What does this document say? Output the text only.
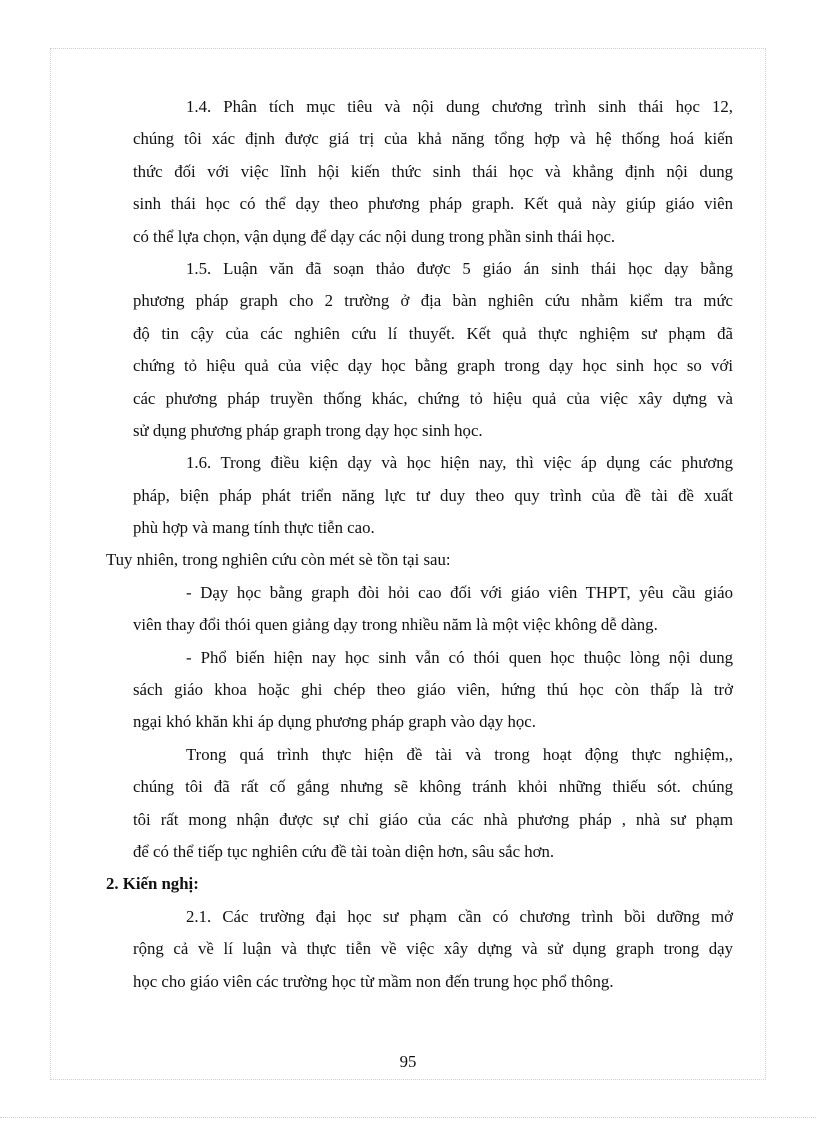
1.4. Phân tích mục tiêu và nội dung chương trình sinh thái học 12,
chúng tôi xác định được giá trị của khả năng tổng hợp và hệ thống hoá kiến
thức đối với việc lĩnh hội kiến thức sinh thái học và khẳng định nội dung
sinh thái học có thể dạy theo phương pháp graph. Kết quả này giúp giáo viên
có thể lựa chọn, vận dụng để dạy các nội dung trong phần sinh thái học.
1.5. Luận văn đã soạn thảo được 5 giáo án sinh thái học dạy bằng
phương pháp graph cho 2 trường ở địa bàn nghiên cứu nhằm kiểm tra mức
độ tin cậy của các nghiên cứu lí thuyết. Kết quả thực nghiệm sư phạm đã
chứng tỏ hiệu quả của việc dạy học bằng graph trong dạy học sinh học so với
các phương pháp truyền thống khác, chứng tỏ hiệu quả của việc xây dựng và
sử dụng phương pháp graph trong dạy học sinh học.
1.6. Trong điều kiện dạy và học hiện nay, thì việc áp dụng các phương
pháp, biện pháp phát triển năng lực tư duy theo quy trình của đề tài đề xuất
phù hợp và mang tính thực tiễn cao.
Tuy nhiên, trong nghiên cứu còn mét sè tồn tại sau:
- Dạy học bằng graph đòi hỏi cao đối với giáo viên THPT, yêu cầu giáo
viên thay đổi thói quen giảng dạy trong nhiều năm là một việc không dễ dàng.
- Phổ biến hiện nay học sinh vẫn có thói quen học thuộc lòng nội dung
sách giáo khoa hoặc ghi chép theo giáo viên, hứng thú học còn thấp là trở
ngại khó khăn khi áp dụng phương pháp graph vào dạy học.
Trong quá trình thực hiện đề tài và trong hoạt động thực nghiệm,,
chúng tôi đã rất cố gắng nhưng sẽ không tránh khỏi những thiếu sót. chúng
tôi rất mong nhận được sự chỉ giáo của các nhà phương pháp , nhà sư phạm
để có thể tiếp tục nghiên cứu đề tài toàn diện hơn, sâu sắc hơn.
2. Kiến nghị:
2.1. Các trường đại học sư phạm cần có chương trình bồi dưỡng mở
rộng cả về lí luận và thực tiễn về việc xây dựng và sử dụng graph trong dạy
học cho giáo viên các trường học từ mầm non đến trung học phổ thông.
95
